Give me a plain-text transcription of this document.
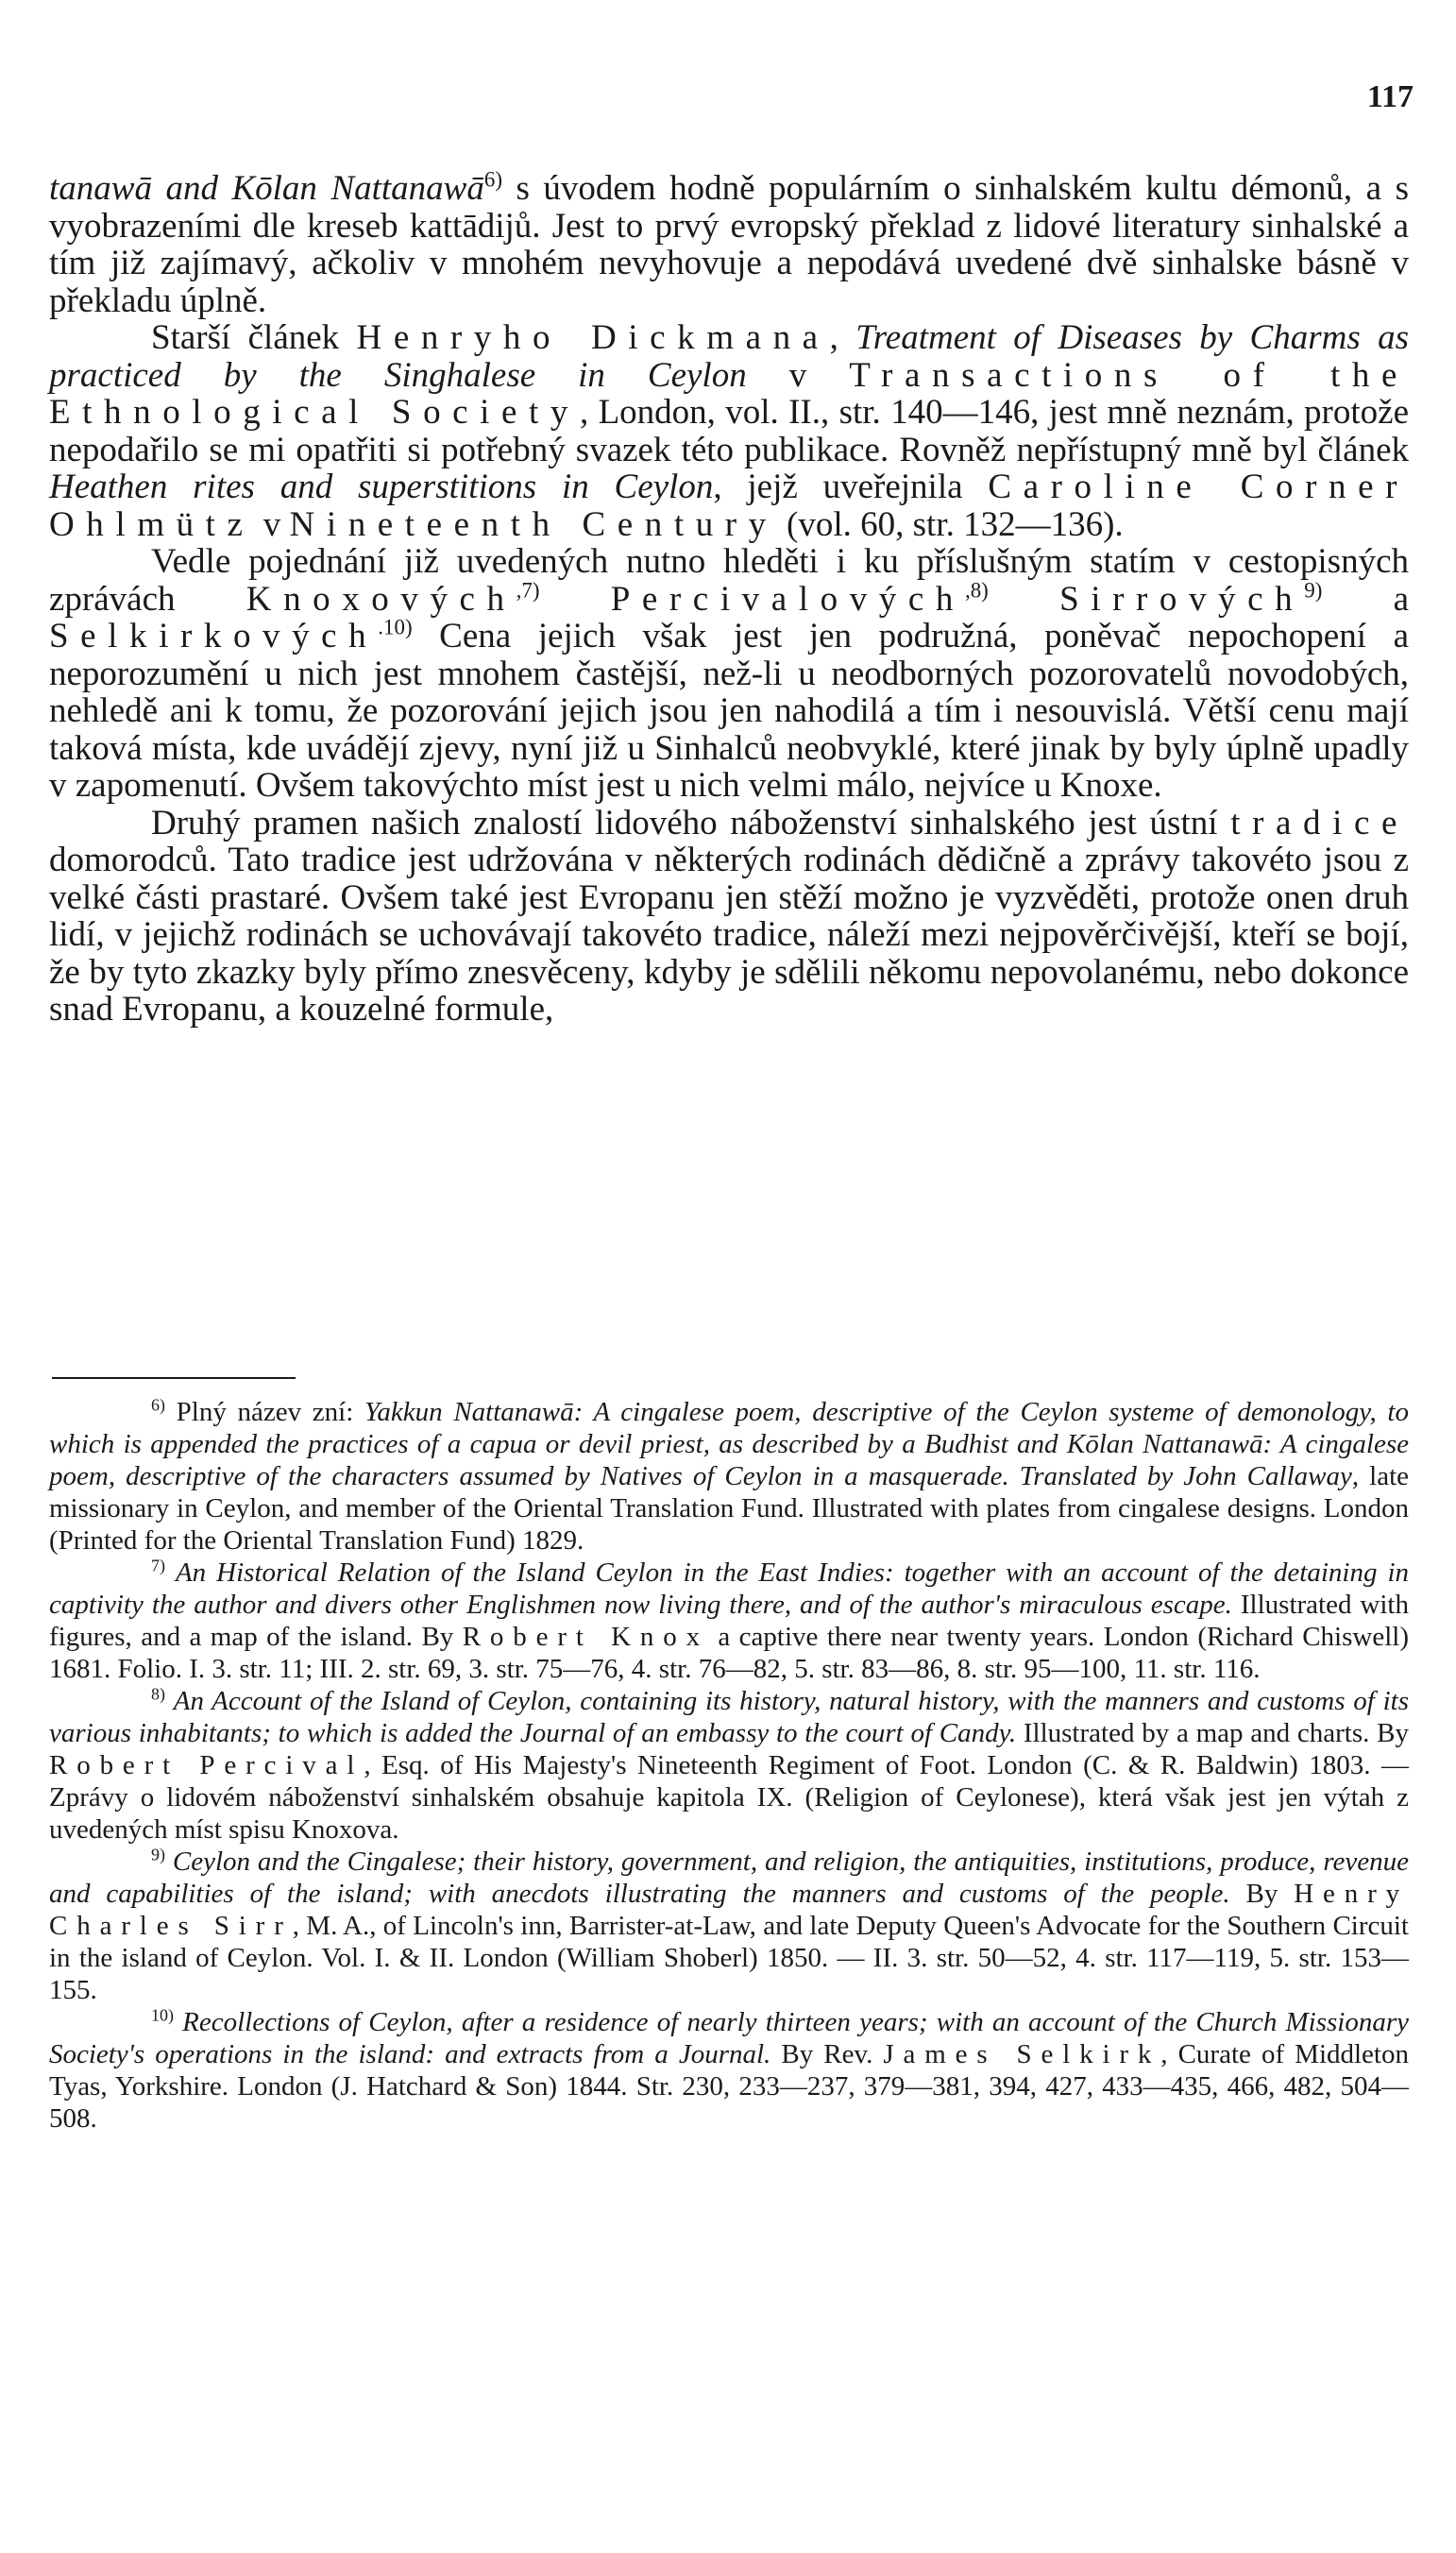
117

tanawā and Kōlan Nattanawā$^{6)}$ s úvodem hodně populárním o sinhalském kultu démonů, a s vyobrazeními dle kreseb kattādijů. Jest to prvý evropský překlad z lidové literatury sinhalské a tím již zajímavý, ačkoliv v mnohém nevyhovuje a nepodává uvedené dvě sinhalske básně v překladu úplně.

Starší článek Henryho Dickmana, Treatment of Diseases by Charms as practiced by the Singhalese in Ceylon v Transactions of the Ethnological Society, London, vol. II., str. 140—146, jest mně neznám, protože nepodařilo se mi opatřiti si potřebný svazek této publikace. Rovněž nepřístupný mně byl článek Heathen rites and superstitions in Ceylon, jejž uveřejnila Caroline Corner Ohlmütz v Nineteenth Century (vol. 60, str. 132—136).

Vedle pojednání již uvedených nutno hleděti i ku příslušným statím v cestopisných zprávách Knoxových$^{,7)}$ Percivalových$^{,8)}$ Sirrových$^{9)}$ a Selkirkových$^{.10)}$ Cena jejich však jest jen podružná, poněvač nepochopení a neporozumění u nich jest mnohem častější, než-li u neodborných pozorovatelů novodobých, nehledě ani k tomu, že pozorování jejich jsou jen nahodilá a tím i nesouvislá. Větší cenu mají taková místa, kde uvádějí zjevy, nyní již u Sinhalců neobvyklé, které jinak by byly úplně upadly v zapomenutí. Ovšem takovýchto míst jest u nich velmi málo, nejvíce u Knoxe.

Druhý pramen našich znalostí lidového náboženství sinhalského jest ústní tradice domorodců. Tato tradice jest udržována v některých rodinách dědičně a zprávy takovéto jsou z velké části prastaré. Ovšem také jest Evropanu jen stěží možno je vyzvěděti, protože onen druh lidí, v jejichž rodinách se uchovávají takovéto tradice, náleží mezi nejpověrčivější, kteří se bojí, že by tyto zkazky byly přímo znesvěceny, kdyby je sdělili někomu nepovolanému, nebo dokonce snad Evropanu, a kouzelné formule,

$^{6)}$ Plný název zní: Yakkun Nattanawā: A cingalese poem, descriptive of the Ceylon systeme of demonology, to which is appended the practices of a capua or devil priest, as described by a Budhist and Kōlan Nattanawā: A cingalese poem, descriptive of the characters assumed by Natives of Ceylon in a masquerade. Translated by John Callaway, late missionary in Ceylon, and member of the Oriental Translation Fund. Illustrated with plates from cingalese designs. London (Printed for the Oriental Translation Fund) 1829.

$^{7)}$ An Historical Relation of the Island Ceylon in the East Indies: together with an account of the detaining in captivity the author and divers other Englishmen now living there, and of the author's miraculous escape. Illustrated with figures, and a map of the island. By Robert Knox a captive there near twenty years. London (Richard Chiswell) 1681. Folio. I. 3. str. 11; III. 2. str. 69, 3. str. 75—76, 4. str. 76—82, 5. str. 83—86, 8. str. 95—100, 11. str. 116.

$^{8)}$ An Account of the Island of Ceylon, containing its history, natural history, with the manners and customs of its various inhabitants; to which is added the Journal of an embassy to the court of Candy. Illustrated by a map and charts. By Robert Percival, Esq. of His Majesty's Nineteenth Regiment of Foot. London (C. & R. Baldwin) 1803. — Zprávy o lidovém náboženství sinhalském obsahuje kapitola IX. (Religion of Ceylonese), která však jest jen výtah z uvedených míst spisu Knoxova.

$^{9)}$ Ceylon and the Cingalese; their history, government, and religion, the antiquities, institutions, produce, revenue and capabilities of the island; with anecdots illustrating the manners and customs of the people. By Henry Charles Sirr, M. A., of Lincoln's inn, Barrister-at-Law, and late Deputy Queen's Advocate for the Southern Circuit in the island of Ceylon. Vol. I. & II. London (William Shoberl) 1850. — II. 3. str. 50—52, 4. str. 117—119, 5. str. 153—155.

$^{10)}$ Recollections of Ceylon, after a residence of nearly thirteen years; with an account of the Church Missionary Society's operations in the island: and extracts from a Journal. By Rev. James Selkirk, Curate of Middleton Tyas, Yorkshire. London (J. Hatchard & Son) 1844. Str. 230, 233—237, 379—381, 394, 427, 433—435, 466, 482, 504—508.
